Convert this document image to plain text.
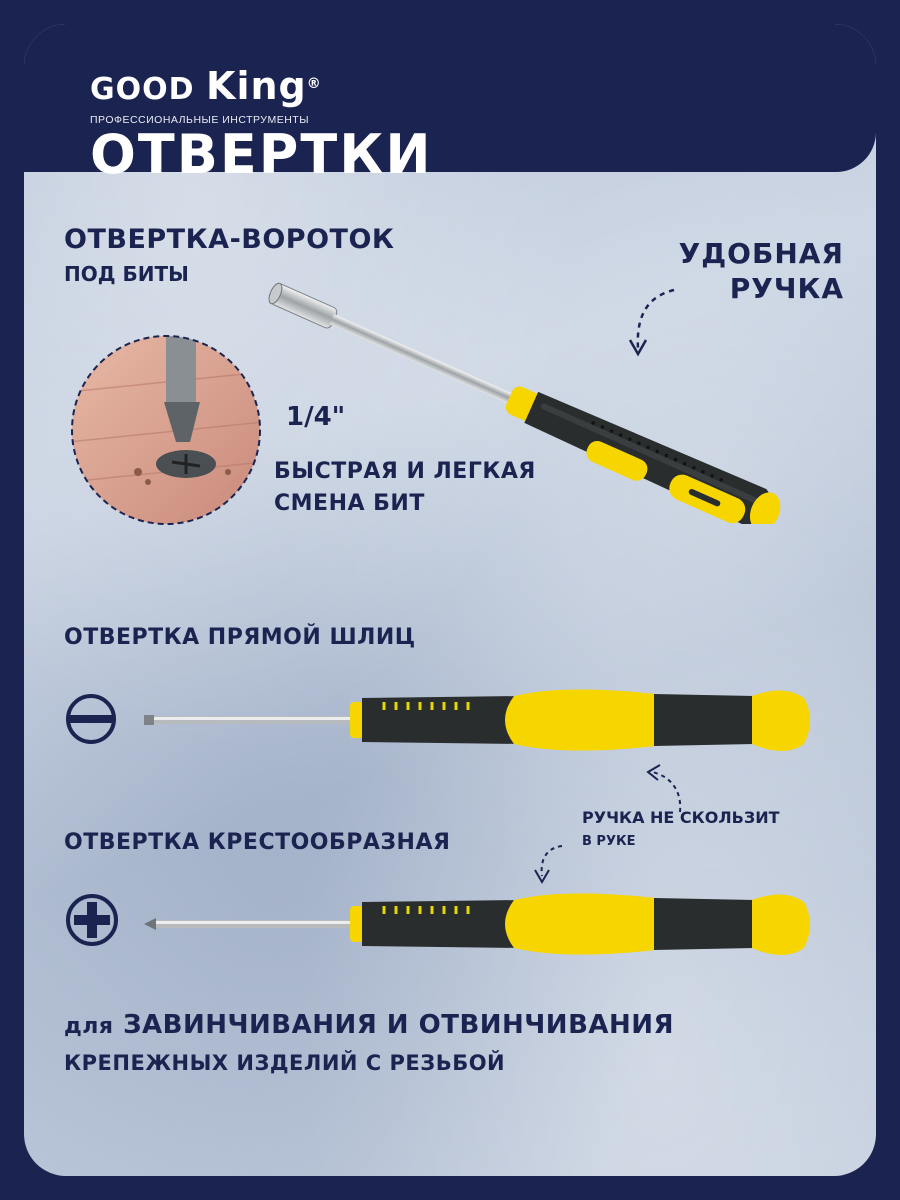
GOOD King®
ПРОФЕССИОНАЛЬНЫЕ ИНСТРУМЕНТЫ
ОТВЕРТКИ
ОТВЕРТКА-ВОРОТОК
ПОД БИТЫ
УДОБНАЯ
РУЧКА
1/4"
БЫСТРАЯ И ЛЕГКАЯ
СМЕНА БИТ
ОТВЕРТКА ПРЯМОЙ ШЛИЦ
РУЧКА НЕ СКОЛЬЗИТ
В РУКЕ
ОТВЕРТКА КРЕСТООБРАЗНАЯ
для ЗАВИНЧИВАНИЯ И ОТВИНЧИВАНИЯ
КРЕПЕЖНЫХ ИЗДЕЛИЙ С РЕЗЬБОЙ
